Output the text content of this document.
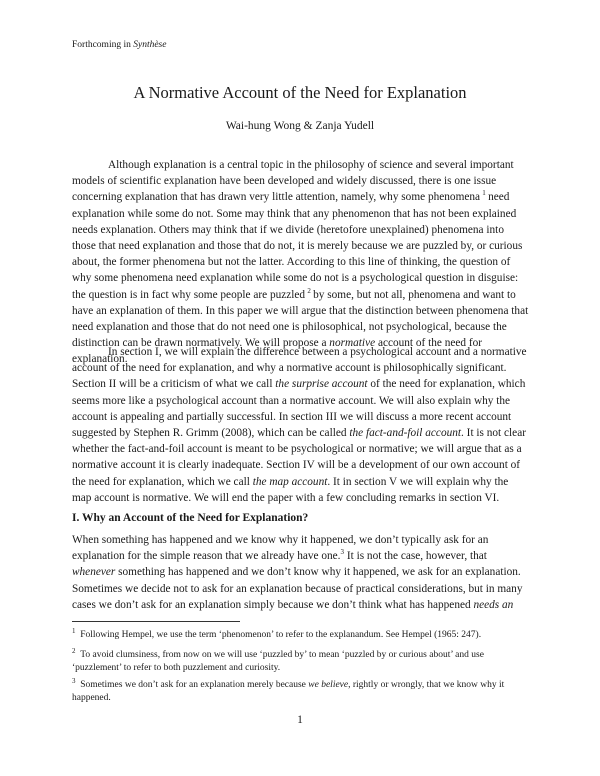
Forthcoming in Synthèse
A Normative Account of the Need for Explanation
Wai-hung Wong & Zanja Yudell

Although explanation is a central topic in the philosophy of science and several important models of scientific explanation have been developed and widely discussed, there is one issue concerning explanation that has drawn very little attention, namely, why some phenomena  $^1$  need explanation while some do not. Some may think that any phenomenon that has not been explained needs explanation. Others may think that if we divide (heretofore unexplained) phenomena into those that need explanation and those that do not, it is merely because we are puzzled by, or curious about, the former phenomena but not the latter. According to this line of thinking, the question of why some phenomena need explanation while some do not is a psychological question in disguise: the question is in fact why some people are puzzled  $^2$  by some, but not all, phenomena and want to have an explanation of them. In this paper we will argue that the distinction between phenomena that need explanation and those that do not need one is philosophical, not psychological, because the distinction can be drawn normatively. We will propose a normative account of the need for explanation.

In section I, we will explain the difference between a psychological account and a normative account of the need for explanation, and why a normative account is philosophically significant. Section II will be a criticism of what we call the surprise account of the need for explanation, which seems more like a psychological account than a normative account. We will also explain why the account is appealing and partially successful. In section III we will discuss a more recent account suggested by Stephen R. Grimm (2008), which can be called the fact-and-foil account. It is not clear whether the fact-and-foil account is meant to be psychological or normative; we will argue that as a normative account it is clearly inadequate. Section IV will be a development of our own account of the need for explanation, which we call the map account. It in section V we will explain why the map account is normative. We will end the paper with a few concluding remarks in section VI.

I. Why an Account of the Need for Explanation?

When something has happened and we know why it happened, we don’t typically ask for an explanation for the simple reason that we already have one.$^3$ It is not the case, however, that whenever something has happened and we don’t know why it happened, we ask for an explanation. Sometimes we decide not to ask for an explanation because of practical considerations, but in many cases we don’t ask for an explanation simply because we don’t think what has happened needs an

$^1$ Following Hempel, we use the term ‘phenomenon’ to refer to the explanandum. See Hempel (1965: 247).

$^2$ To avoid clumsiness, from now on we will use ‘puzzled by’ to mean ‘puzzled by or curious about’ and use ‘puzzlement’ to refer to both puzzlement and curiosity.

$^3$ Sometimes we don’t ask for an explanation merely because we believe, rightly or wrongly, that we know why it happened.

1
